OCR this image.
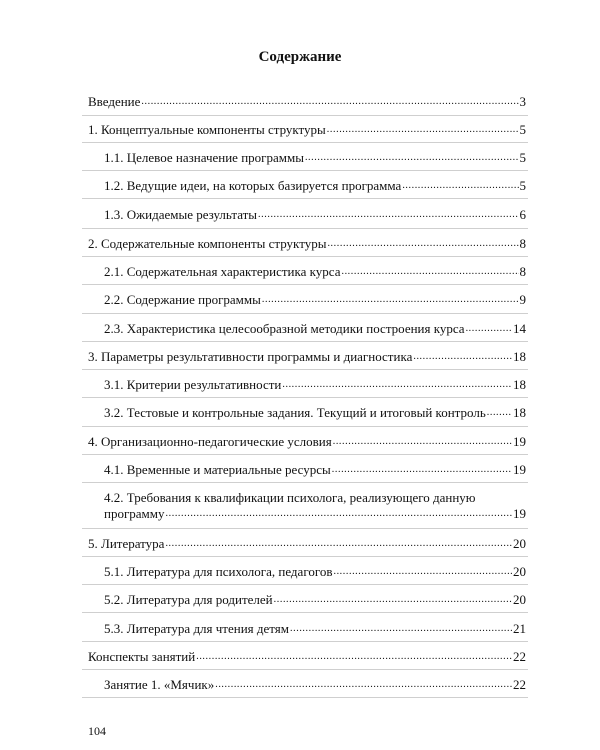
Содержание
Введение .....	3
1. Концептуальные компоненты структуры .....	5
1.1. Целевое назначение программы .....	5
1.2. Ведущие идеи, на которых базируется программа .....	5
1.3. Ожидаемые результаты .....	6
2. Содержательные компоненты структуры .....	8
2.1. Содержательная характеристика курса .....	8
2.2. Содержание программы .....	9
2.3. Характеристика целесообразной методики построения курса .....	14
3. Параметры результативности программы и диагностика .....	18
3.1. Критерии результативности .....	18
3.2. Тестовые и контрольные задания. Текущий и итоговый контроль ..... 18
4. Организационно-педагогические условия .....	19
4.1. Временные и материальные ресурсы .....	19
4.2. Требования к квалификации психолога, реализующего данную
программу .....	19
5. Литература .....	20
5.1. Литература для психолога, педагогов .....	20
5.2. Литература для родителей .....	20
5.3. Литература для чтения детям .....	21
Конспекты занятий .....	22
Занятие 1. «Мячик» .....	22
104
